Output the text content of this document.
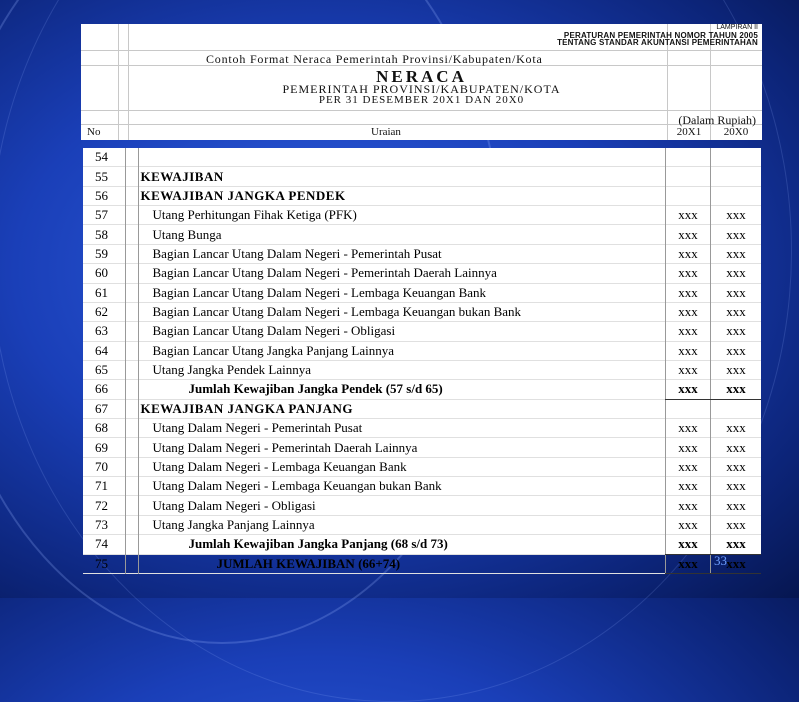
LAMPIRAN II
PERATURAN PEMERINTAH NOMOR TAHUN 2005
TENTANG STANDAR AKUNTANSI PEMERINTAHAN
Contoh Format Neraca Pemerintah Provinsi/Kabupaten/Kota
NERACA
PEMERINTAH PROVINSI/KABUPATEN/KOTA
PER 31 DESEMBER 20X1 DAN 20X0
(Dalam Rupiah)
No	Uraian	20X1	20X0
54				
55		KEWAJIBAN		
56		KEWAJIBAN JANGKA PENDEK		
57		Utang Perhitungan Fihak Ketiga (PFK)	xxx	xxx
58		Utang Bunga	xxx	xxx
59		Bagian Lancar Utang Dalam Negeri - Pemerintah Pusat	xxx	xxx
60		Bagian Lancar Utang Dalam Negeri - Pemerintah Daerah Lainnya	xxx	xxx
61		Bagian Lancar Utang Dalam Negeri - Lembaga Keuangan Bank	xxx	xxx
62		Bagian Lancar Utang Dalam Negeri - Lembaga Keuangan bukan Bank	xxx	xxx
63		Bagian Lancar Utang Dalam Negeri - Obligasi	xxx	xxx
64		Bagian Lancar Utang Jangka Panjang Lainnya	xxx	xxx
65		Utang Jangka Pendek Lainnya	xxx	xxx
66		Jumlah Kewajiban Jangka Pendek (57 s/d 65)	xxx	xxx
67		KEWAJIBAN JANGKA PANJANG		
68		Utang Dalam Negeri - Pemerintah Pusat	xxx	xxx
69		Utang Dalam Negeri - Pemerintah Daerah Lainnya	xxx	xxx
70		Utang Dalam Negeri - Lembaga Keuangan Bank	xxx	xxx
71		Utang Dalam Negeri - Lembaga Keuangan bukan Bank	xxx	xxx
72		Utang Dalam Negeri - Obligasi	xxx	xxx
73		Utang Jangka Panjang Lainnya	xxx	xxx
74		Jumlah Kewajiban Jangka Panjang (68 s/d 73)	xxx	xxx
75		JUMLAH KEWAJIBAN (66+74)	xxx	xxx
33
